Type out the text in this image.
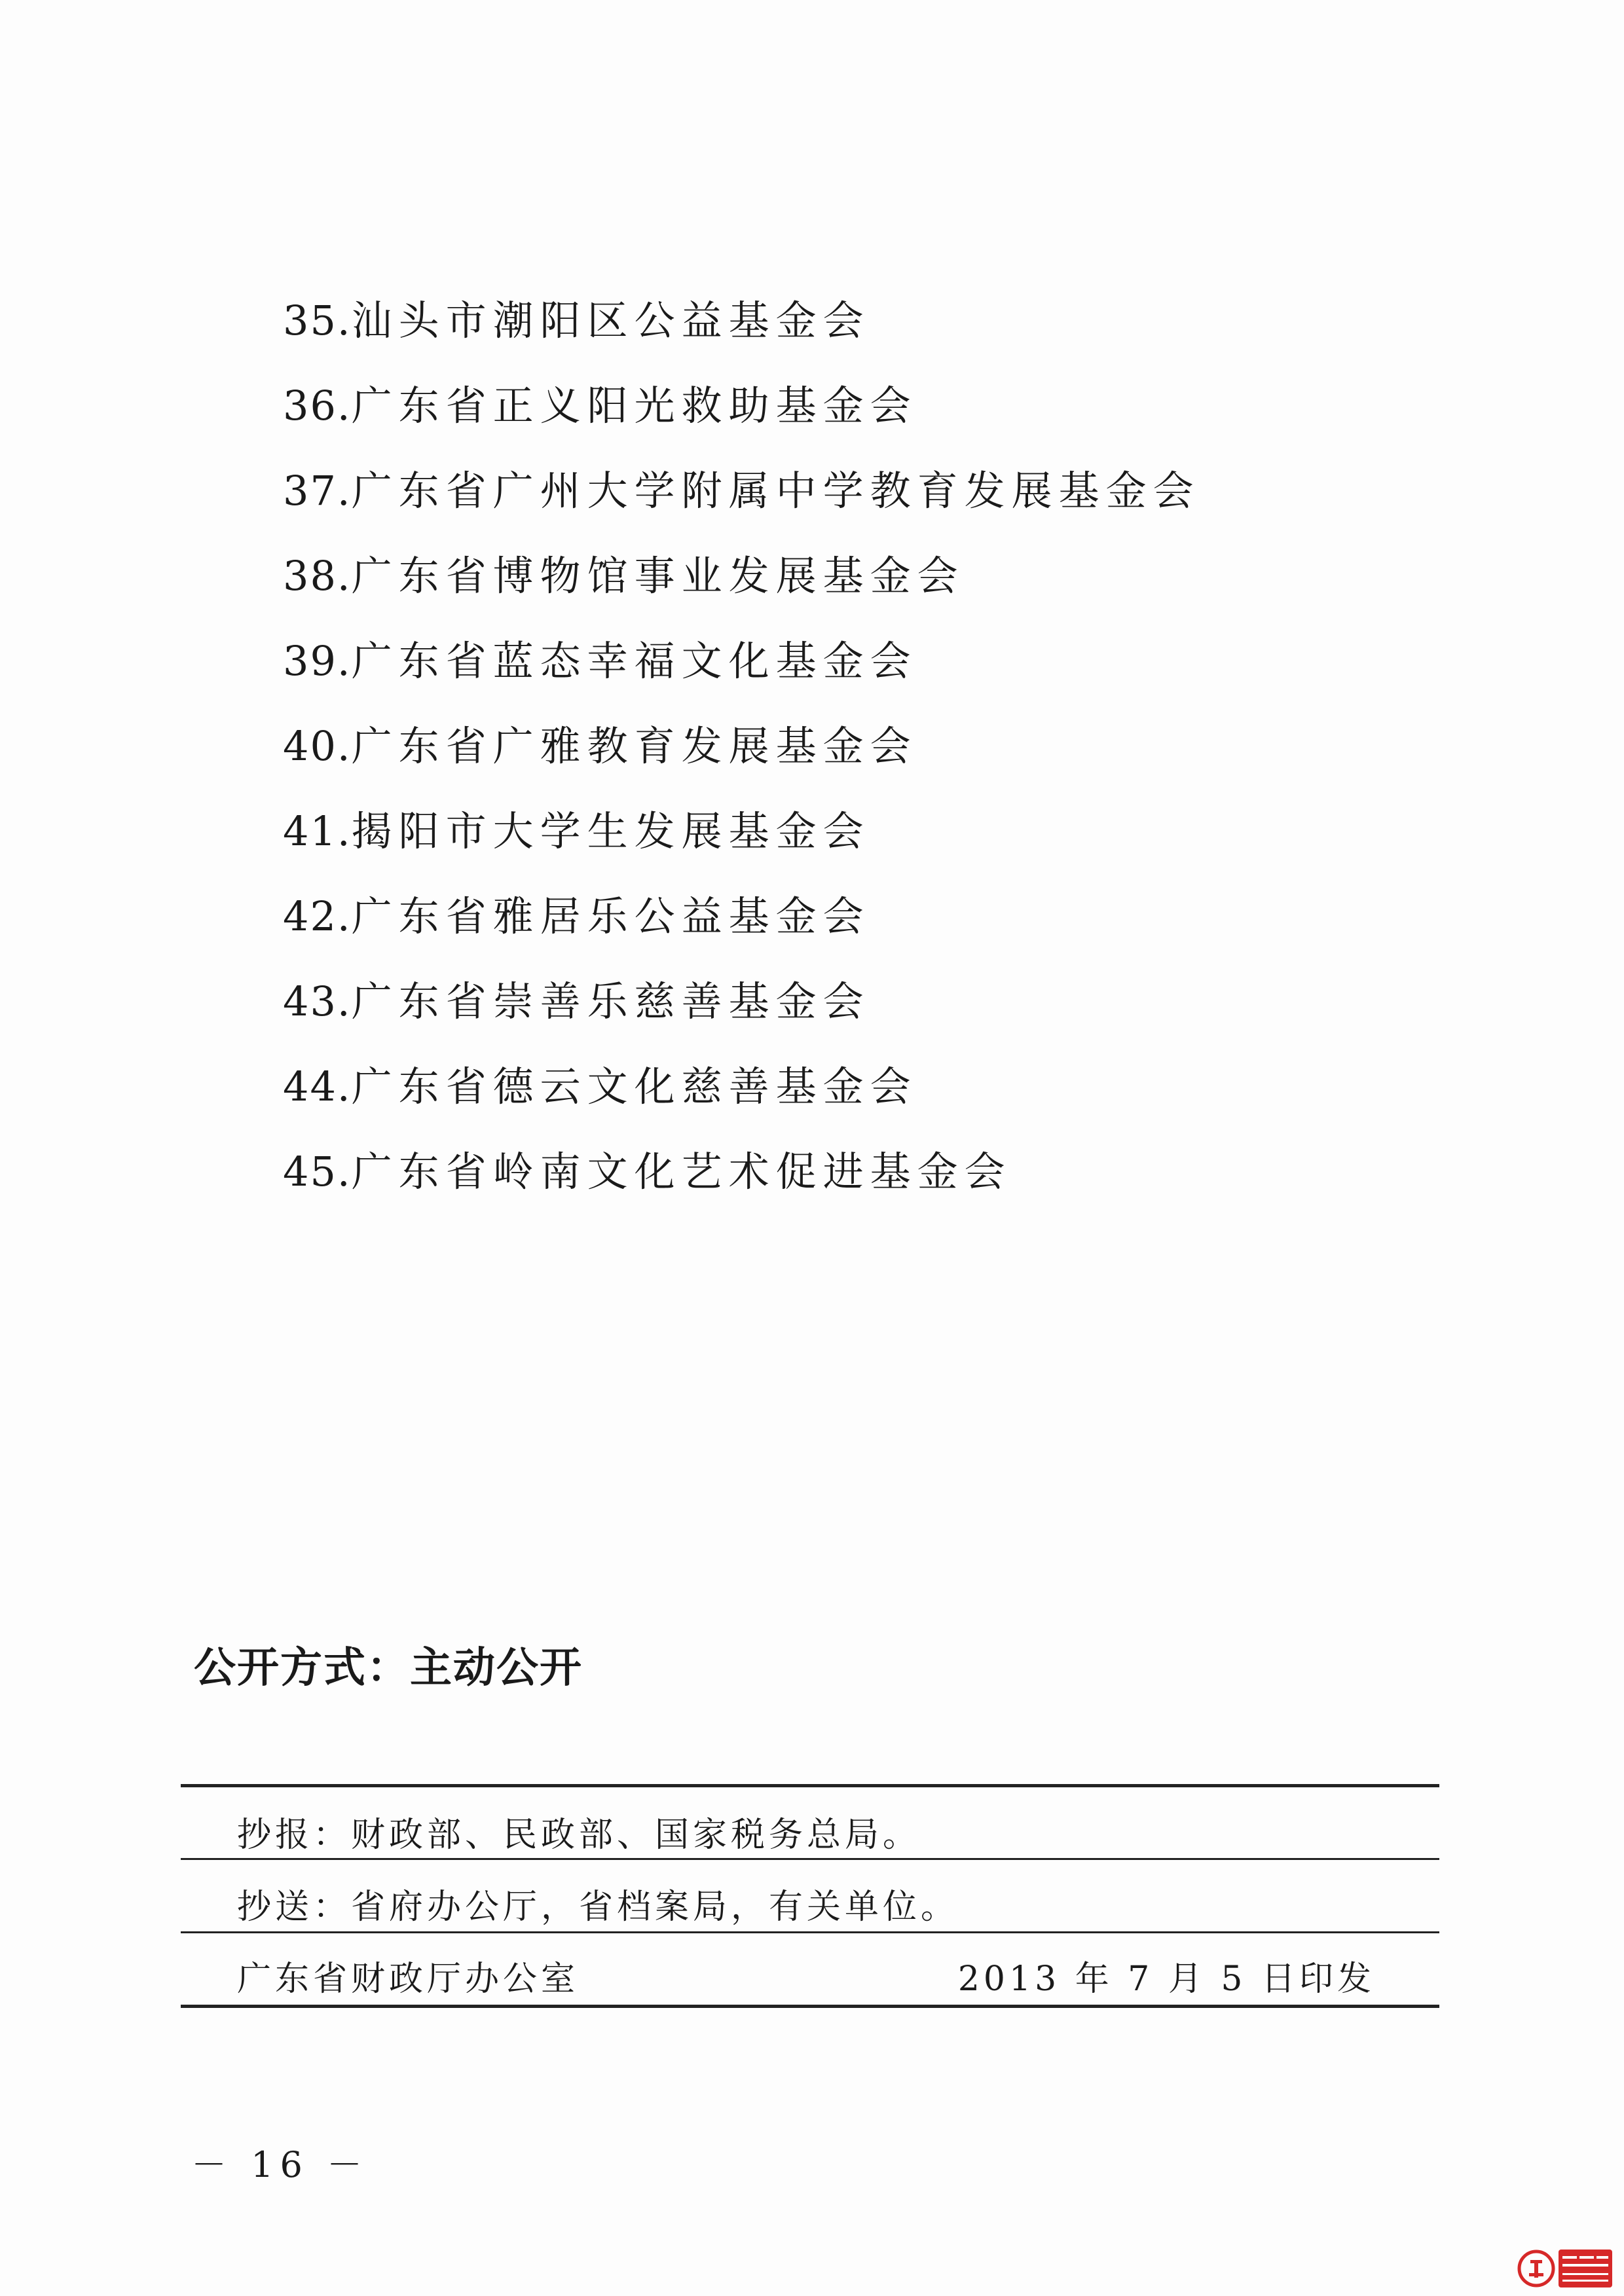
35.汕头市潮阳区公益基金会
36.广东省正义阳光救助基金会
37.广东省广州大学附属中学教育发展基金会
38.广东省博物馆事业发展基金会
39.广东省蓝态幸福文化基金会
40.广东省广雅教育发展基金会
41.揭阳市大学生发展基金会
42.广东省雅居乐公益基金会
43.广东省崇善乐慈善基金会
44.广东省德云文化慈善基金会
45.广东省岭南文化艺术促进基金会
公开方式：主动公开
抄报：财政部、民政部、国家税务总局。
抄送：省府办公厅，省档案局，有关单位。
广东省财政厅办公室	2013 年 7 月 5 日印发
－ 16 －
